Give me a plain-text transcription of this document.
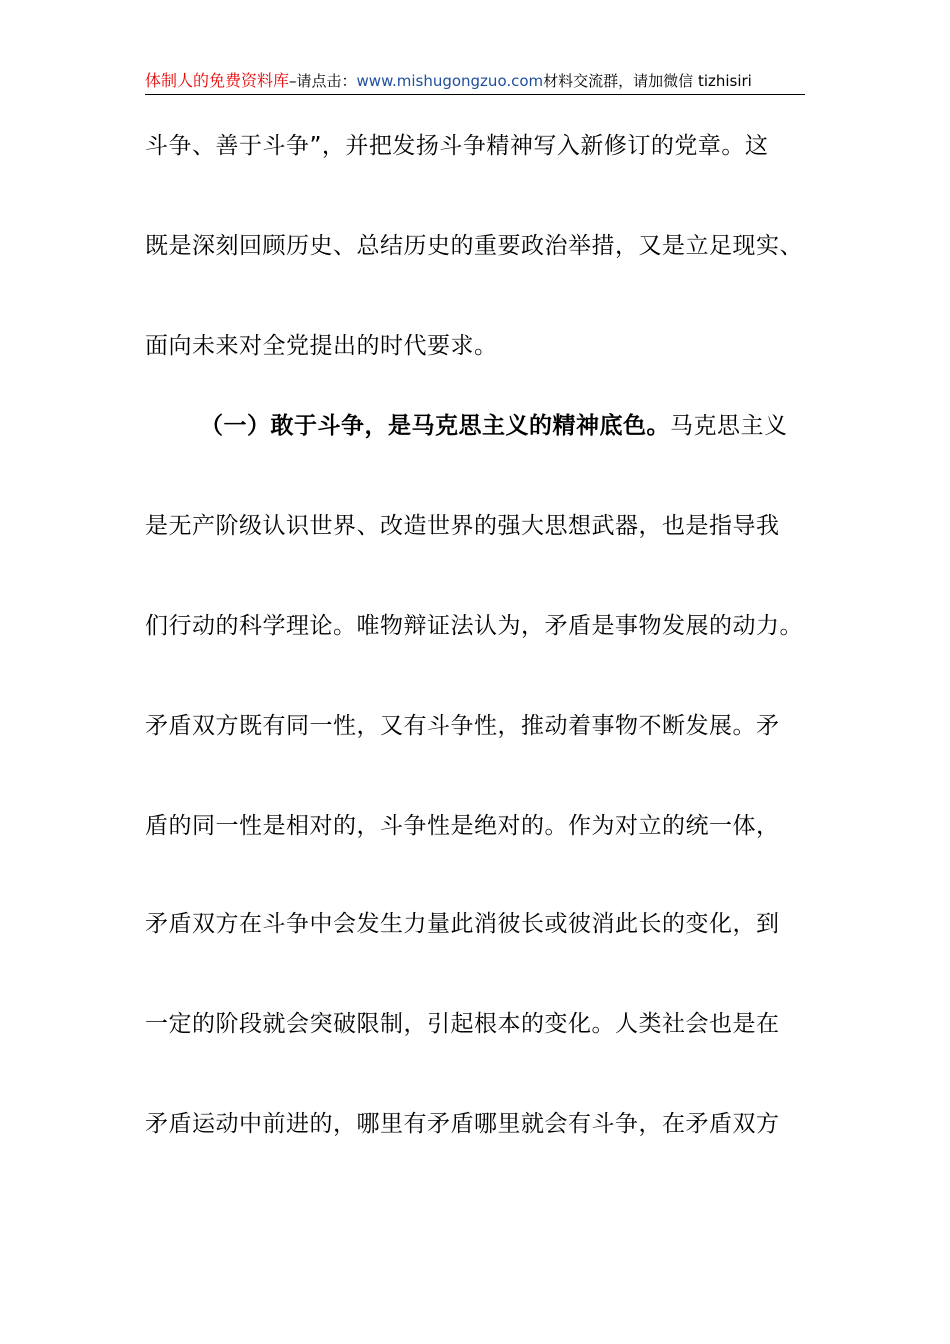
体制人的免费资料库–请点击：www.mishugongzuo.com材料交流群，请加微信 tizhisiri
斗争、善于斗争”，并把发扬斗争精神写入新修订的党章。这
既是深刻回顾历史、总结历史的重要政治举措，又是立足现实、
面向未来对全党提出的时代要求。
（一）敢于斗争，是马克思主义的精神底色。马克思主义
是无产阶级认识世界、改造世界的强大思想武器，也是指导我
们行动的科学理论。唯物辩证法认为，矛盾是事物发展的动力。
矛盾双方既有同一性，又有斗争性，推动着事物不断发展。矛
盾的同一性是相对的，斗争性是绝对的。作为对立的统一体，
矛盾双方在斗争中会发生力量此消彼长或彼消此长的变化，到
一定的阶段就会突破限制，引起根本的变化。人类社会也是在
矛盾运动中前进的，哪里有矛盾哪里就会有斗争，在矛盾双方
